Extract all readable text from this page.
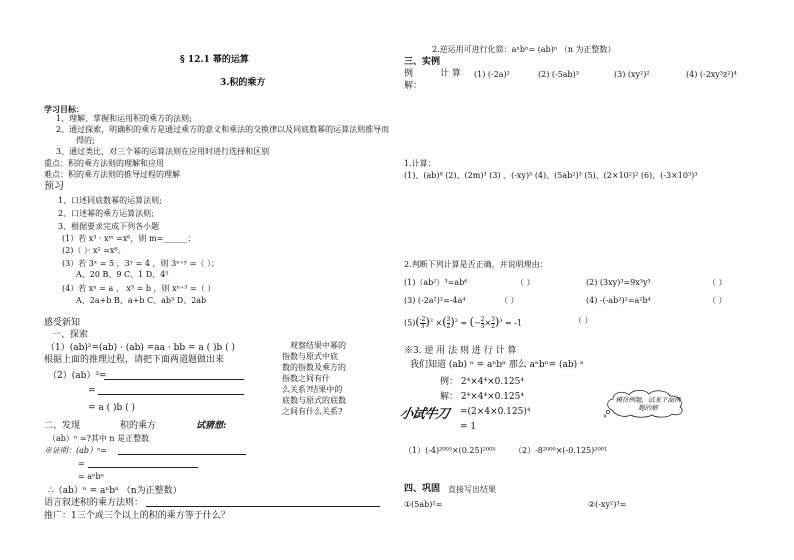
§ 12.1 幂的运算
3.积的乘方
学习目标：
1、理解、掌握和运用积的乘方的法则;
2、通过探索，明确积的乘方是通过乘方的意义和乘法的交换律以及同底数幂的运算法则推导而
得的;
3、通过类比，对三个幂的运算法则在应用时进行选择和区别
重点：积的乘方法则的理解和应用
难点：积的乘方法则的推导过程的理解
预习
1、口述同底数幂的运算法则;
2、口述幂的乘方运算法则;
3、根据要求完成下列各小题
(1）若 x³ · xᵐ =x⁶，则 m=______；
(2)（ ）· x² =x⁸。
(3）若 3ˣ = 5 ，3ʸ = 4 ，则 3ˣ⁺ʸ =（ ）；
A、20 B、9 C、1 D、4⁵
(4）若 xⁿ = a ， x³ = b ，则 xⁿ⁺³ =（ ）
A、2a+b B、a+b C、ab³ D、2ab
感受新知
一、探索
（1）(ab)²=(ab) · (ab) =aa · bb = a ( )b ( )	观察结果中幂的
指数与原式中底
数的指数及乘方的
指数之间有什
么关系?结果中的
底数与原式的底数
之间有什么关系?
根据上面的推理过程，请把下面两道题做出来
（2）(ab）³=
=
= a ( )b ( )
二、发现	积的乘方	试猜想:
（ab）ⁿ =?其中 n 是正整数
※证明：(ab）ⁿ=
=
= aⁿbⁿ
∴（ab）ⁿ = aⁿbⁿ （n为正整数）
语言叙述积的乘方法则：
推广：1三个或三个以上的积的乘方等于什么？
2.逆运用可进行化简：aⁿbⁿ= (ab)ⁿ （n 为正整数）
三、实例
例	计 算 (1) (-2a)²	(2) (-5ab)³	(3) (xy²)²	(4) (-2xy³z²)⁴
解：
1.计算：
(1)、(ab)⁸ (2)、(2m)³ (3) 、(-xy)⁵ (4)、(5ab²)³ (5)、(2×10²)² (6)、(-3×10³)³
2.判断下列计算是否正确，并说明理由：
(1)（ab²）³=ab⁶	（ ）	(2) (3xy)³=9x³y³	（ ）
(3) (-2a²)²=-4a⁴	（ ）	(4) -(-ab²)²=a²b⁴	（ ）
$(5)( \frac{-2}{3} )^3$ ×( $\frac{3}{2} )^3$ = (− $\frac{2}{3} \times \frac{3}{2} )^3 = -1$	（ ）
※3. 逆 用 法 则 进 行 计 算
我们知道 (ab) ⁿ = aⁿbⁿ 那么 aⁿbⁿ= (ab) ⁿ
例： 2⁴×4⁴×0.125⁴
解： 2⁴×4⁴×0.125⁴
=(2×4×0.125)⁴
= 1
模仿例题，试来下面两题的解
小试牛刀
（1）(-4)²⁰⁰⁵×(0.25)²⁰⁰⁵ （2）-8²⁰⁰⁰×(-0.125)²⁰⁰¹
四、巩固 直接写出结果
①(5ab)²=	②(-xy²)³=
